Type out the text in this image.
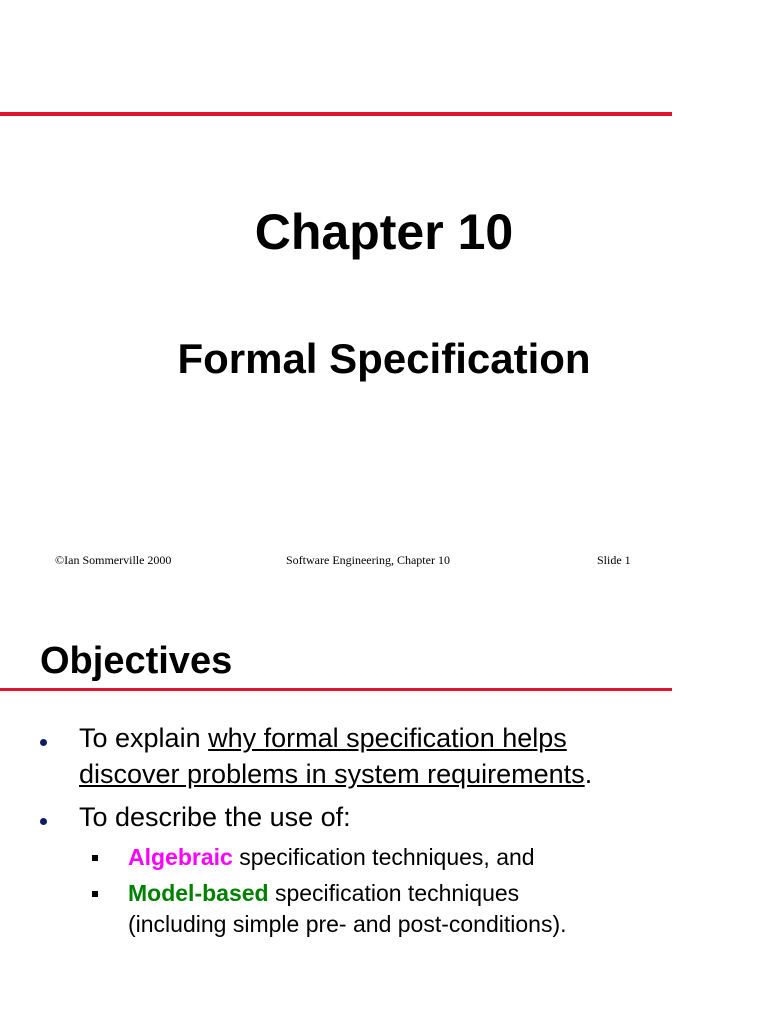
Chapter 10
Formal Specification
©Ian Sommerville 2000	Software Engineering, Chapter 10	Slide 1
Objectives
To explain why formal specification helps
discover problems in system requirements.
To describe the use of:
Algebraic specification techniques, and
Model-based specification techniques
(including simple pre- and post-conditions).
